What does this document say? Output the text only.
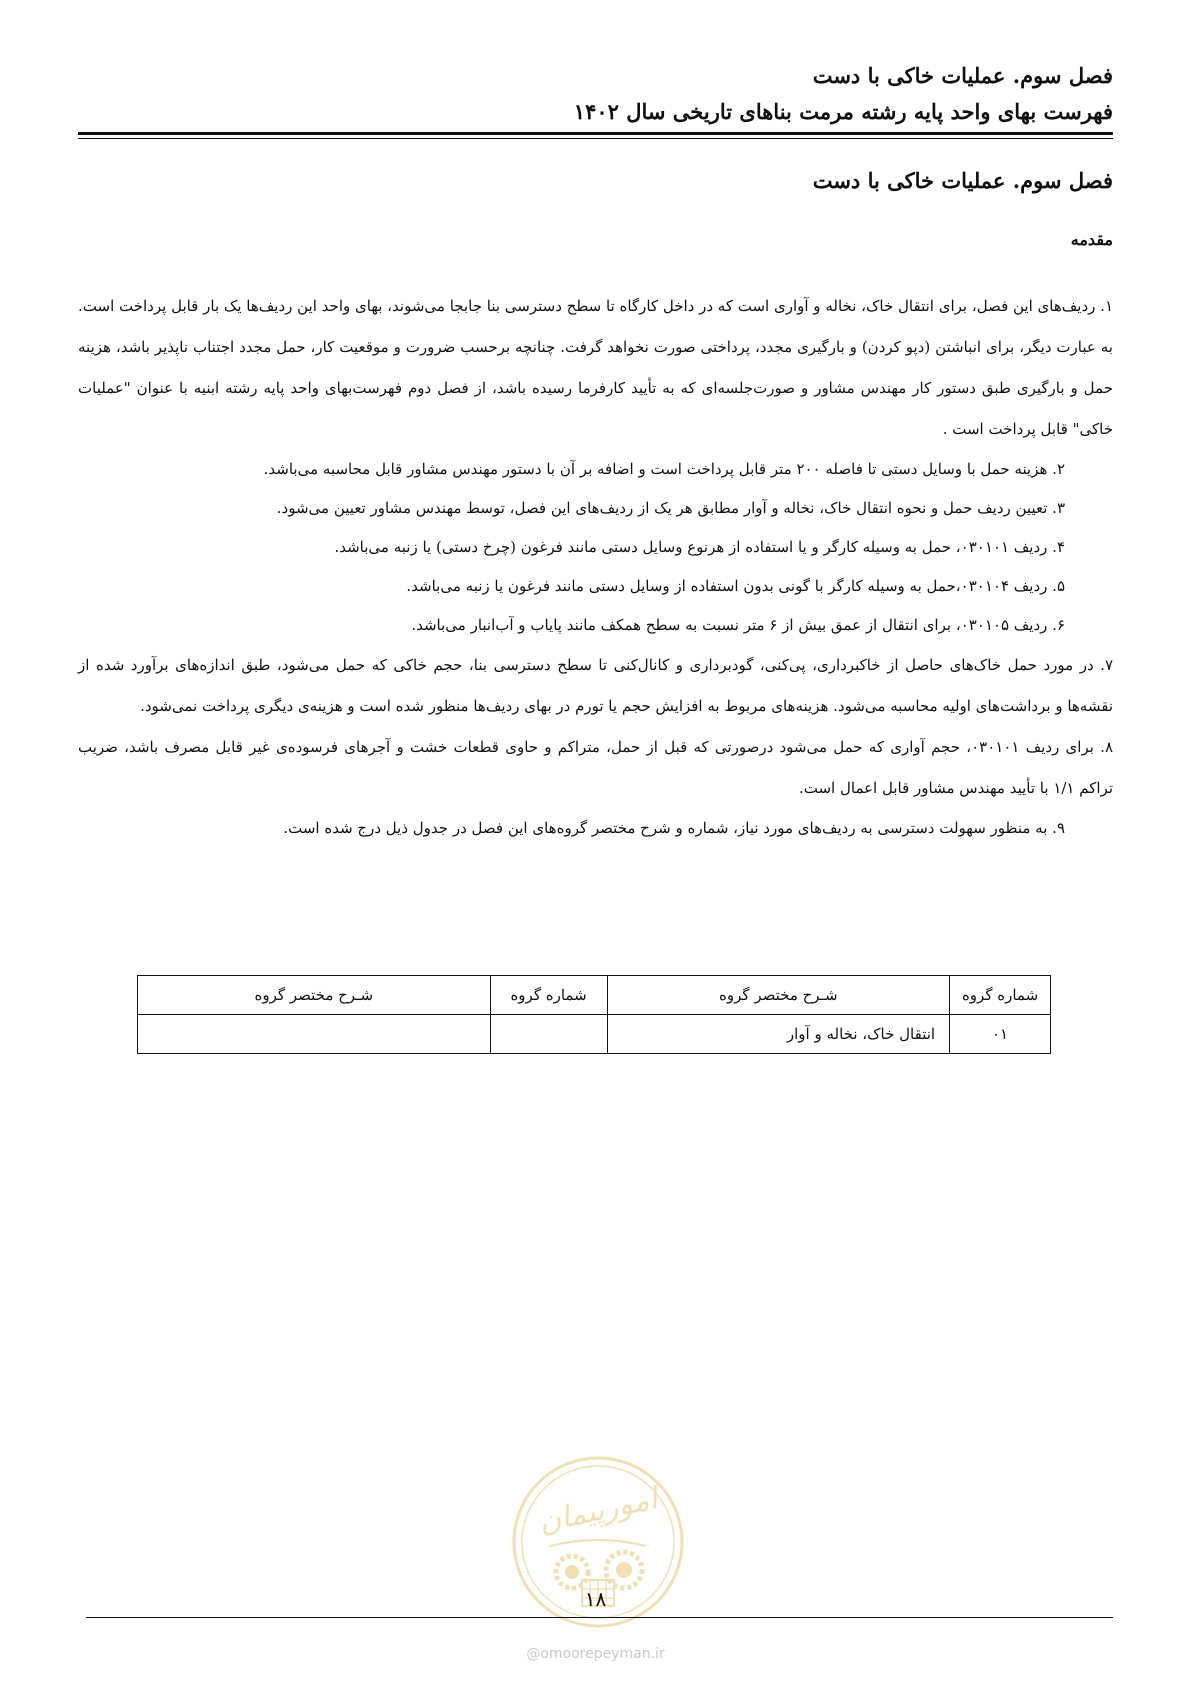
فصل سوم. عملیات خاکی با دست
فهرست بهای واحد پایه رشته مرمت بناهای تاریخی سال ۱۴۰۲
فصل سوم. عملیات خاکی با دست
مقدمه

۱. ردیف‌های این فصل، برای انتقال خاک، نخاله و آواری است که در داخل کارگاه تا سطح دسترسی بنا جابجا می‌شوند، بهای واحد این ردیف‌ها یک بار قابل پرداخت است. به عبارت دیگر، برای انباشتن (دپو کردن) و بارگیری مجدد، پرداختی صورت نخواهد گرفت. چنانچه برحسب ضرورت و موقعیت کار، حمل مجدد اجتناب ناپذیر باشد، هزینه حمل و بارگیری طبق دستور کار مهندس مشاور و صورت‌جلسه‌ای که به تأیید کارفرما رسیده باشد، از فصل دوم فهرست‌بهای واحد پایه رشته ابنیه با عنوان "عملیات خاکی" قابل پرداخت است .

۲. هزینه حمل با وسایل دستی تا فاصله ۲۰۰ متر قابل پرداخت است و اضافه بر آن با دستور مهندس مشاور قابل محاسبه می‌باشد.

۳. تعیین ردیف حمل و نحوه انتقال خاک، نخاله و آوار مطابق هر یک از ردیف‌های این فصل، توسط مهندس مشاور تعیین می‌شود.

۴. ردیف ۰۳۰۱۰۱، حمل به وسیله کارگر و یا استفاده از هرنوع وسایل دستی مانند فرغون (چرخ دستی) یا زنبه می‌باشد.

۵. ردیف ۰۳۰۱۰۴،حمل به وسیله کارگر با گونی بدون استفاده از وسایل دستی مانند فرغون یا زنبه می‌باشد.

۶. ردیف ۰۳۰۱۰۵، برای انتقال از عمق بیش از ۶ متر نسبت به سطح همکف مانند پایاب و آب‌انبار می‌باشد.

۷. در مورد حمل خاک‌های حاصل از خاکبرداری، پی‌کنی، گودبرداری و کانال‌کنی تا سطح دسترسی بنا، حجم خاکی که حمل می‌شود، طبق اندازه‌های برآورد شده از نقشه‌ها و برداشت‌های اولیه محاسبه می‌شود. هزینه‌های مربوط به افزایش حجم یا تورم در بهای ردیف‌ها منظور شده است و هزینه‌ی دیگری پرداخت نمی‌شود.

۸. برای ردیف ۰۳۰۱۰۱، حجم آواری که حمل می‌شود درصورتی که قبل از حمل، متراکم و حاوی قطعات خشت و آجرهای فرسوده‌ی غیر قابل مصرف باشد، ضریب تراکم ۱/۱ با تأیید مهندس مشاور قابل اعمال است.

۹. به منظور سهولت دسترسی به ردیف‌های مورد نیاز، شماره و شرح مختصر گروه‌های این فصل در جدول ذیل درج شده است.

شماره گروه	شـرح مختصر گروه	شماره گروه	شـرح مختصر گروه
۰۱	انتقال خاک، نخاله و آوار		
امورپیمان
۱۸
@omoorepeyman.ir
